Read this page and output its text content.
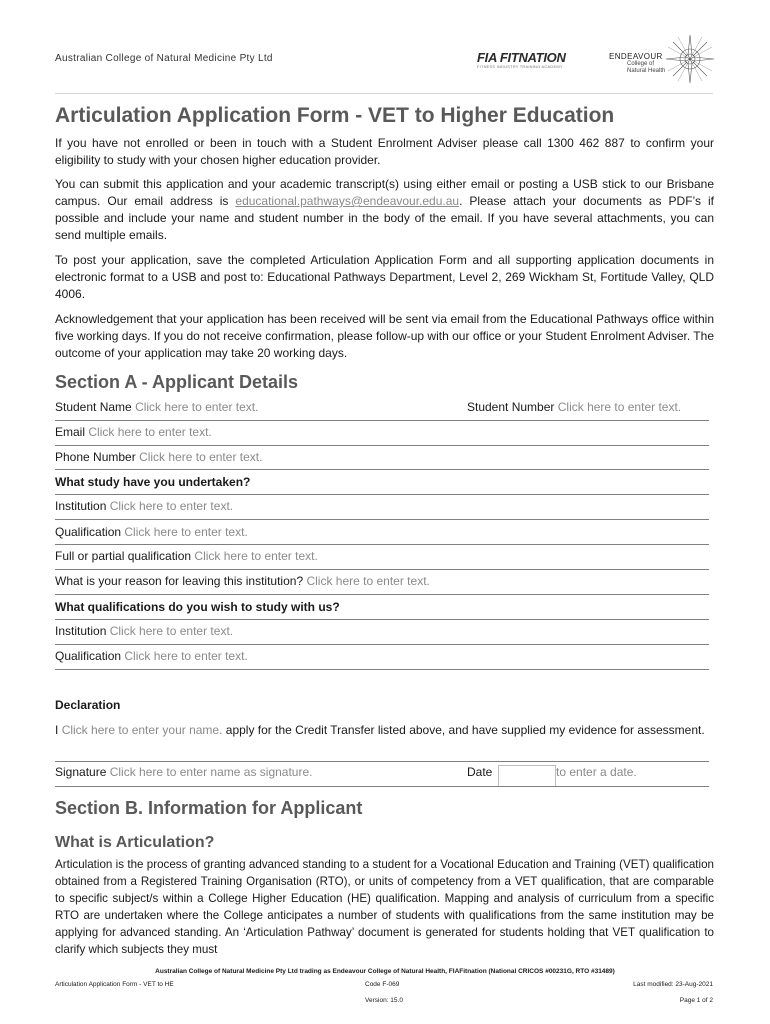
Australian College of Natural Medicine Pty Ltd	FIA FITNATION
FITNESS INDUSTRY TRAINING ACADEMY
ENDEAVOUR
College of
Natural Health
Articulation Application Form - VET to Higher Education

If you have not enrolled or been in touch with a Student Enrolment Adviser please call 1300 462 887 to confirm your eligibility to study with your chosen higher education provider.

You can submit this application and your academic transcript(s) using either email or posting a USB stick to our Brisbane campus. Our email address is educational.pathways@endeavour.edu.au. Please attach your documents as PDF’s if possible and include your name and student number in the body of the email. If you have several attachments, you can send multiple emails.

To post your application, save the completed Articulation Application Form and all supporting application documents in electronic format to a USB and post to: Educational Pathways Department, Level 2, 269 Wickham St, Fortitude Valley, QLD 4006.

Acknowledgement that your application has been received will be sent via email from the Educational Pathways office within five working days. If you do not receive confirmation, please follow-up with our office or your Student Enrolment Adviser. The outcome of your application may take 20 working days.

Section A - Applicant Details
Student Name Click here to enter text.	Student Number Click here to enter text.
Email Click here to enter text.
Phone Number Click here to enter text.
What study have you undertaken?
Institution Click here to enter text.
Qualification Click here to enter text.
Full or partial qualification Click here to enter text.
What is your reason for leaving this institution? Click here to enter text.
What qualifications do you wish to study with us?
Institution Click here to enter text.
Qualification Click here to enter text.
Declaration

I Click here to enter your name. apply for the Credit Transfer listed above, and have supplied my evidence for assessment.

Signature Click here to enter name as signature.	Date	to enter a date.
Section B. Information for Applicant
What is Articulation?

Articulation is the process of granting advanced standing to a student for a Vocational Education and Training (VET) qualification obtained from a Registered Training Organisation (RTO), or units of competency from a VET qualification, that are comparable to specific subject/s within a College Higher Education (HE) qualification. Mapping and analysis of curriculum from a specific RTO are undertaken where the College anticipates a number of students with qualifications from the same institution may be applying for advanced standing. An ‘Articulation Pathway’ document is generated for students holding that VET qualification to clarify which subjects they must

Australian College of Natural Medicine Pty Ltd trading as Endeavour College of Natural Health, FIAFitnation (National CRICOS #00231G, RTO #31489)
Articulation Application Form - VET to HE	Code F-069	Last modified: 23-Aug-2021
Version: 15.0	Page 1 of 2
